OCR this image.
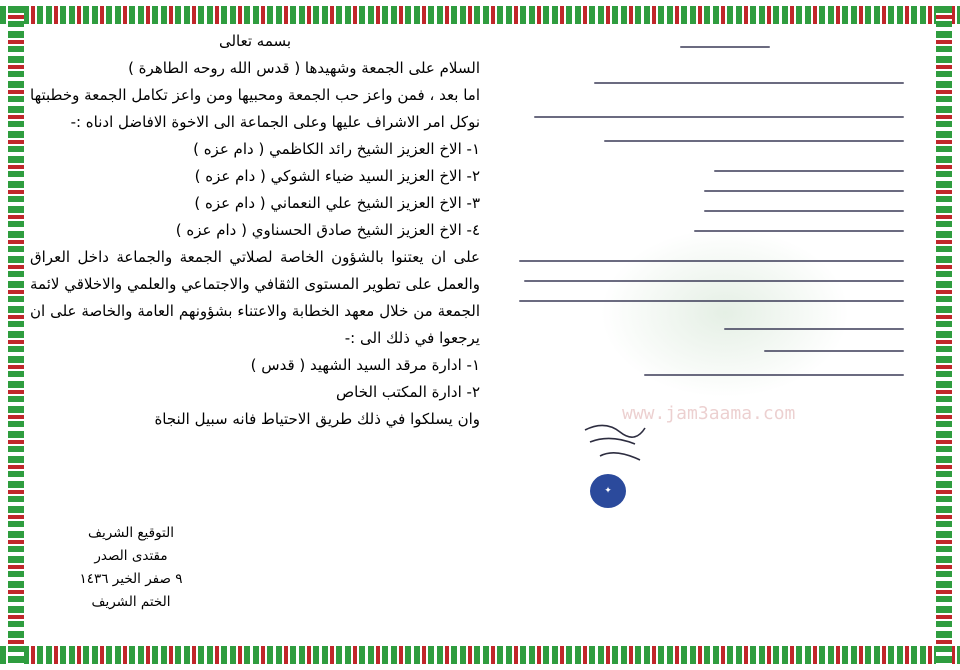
www.jam3aama.com
✦

بسمه تعالى

السلام على الجمعة وشهيدها ( قدس الله روحه الطاهرة )

اما بعد ، فمن واعز حب الجمعة ومحبيها ومن واعز تكامل الجمعة وخطبتها نوكل امر الاشراف عليها وعلى الجماعة الى الاخوة الافاضل ادناه :-

١- الاخ العزيز الشيخ رائد الكاظمي ( دام عزه )

٢- الاخ العزيز السيد ضياء الشوكي ( دام عزه )

٣- الاخ العزيز الشيخ علي النعماني ( دام عزه )

٤- الاخ العزيز الشيخ صادق الحسناوي ( دام عزه )

على ان يعتنوا بالشؤون الخاصة لصلاتي الجمعة والجماعة داخل العراق والعمل على تطوير المستوى الثقافي والاجتماعي والعلمي والاخلاقي لائمة الجمعة من خلال معهد الخطابة والاعتناء بشؤونهم العامة والخاصة على ان يرجعوا في ذلك الى :-

١- ادارة مرقد السيد الشهيد ( قدس )

٢- ادارة المكتب الخاص

وان يسلكوا في ذلك طريق الاحتياط فانه سبيل النجاة

التوقيع الشريف
مقتدى الصدر
٩ صفر الخير ١٤٣٦
الختم الشريف
